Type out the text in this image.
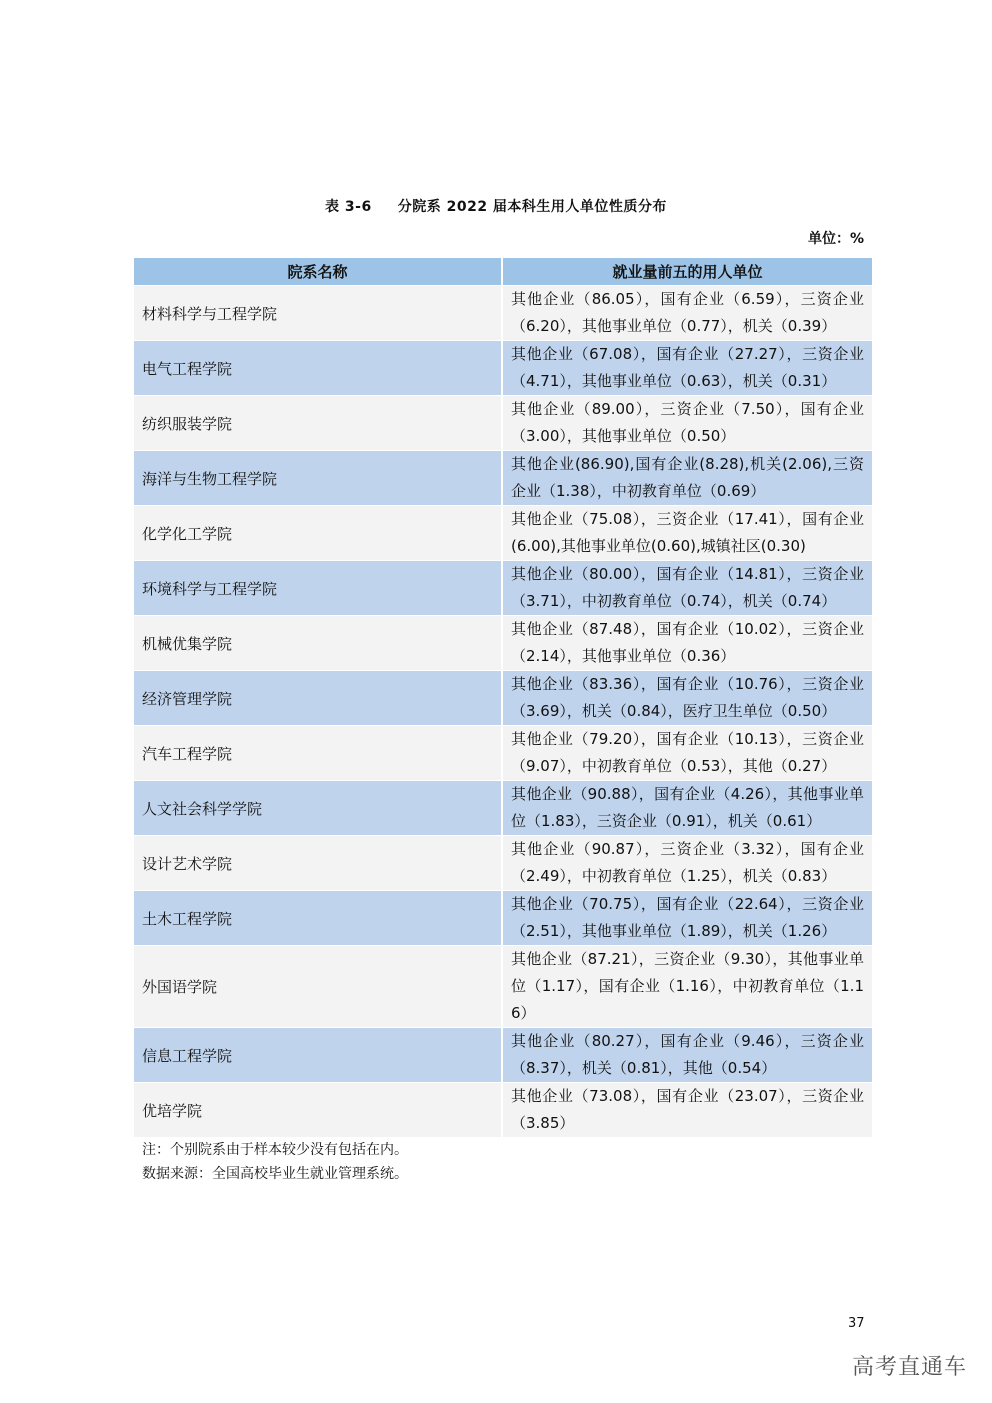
表 3-6 分院系 2022 届本科生用人单位性质分布
单位：%
院系名称	就业量前五的用人单位
材料科学与工程学院	其他企业（86.05），国有企业（6.59），三资企业（6.20），其他事业单位（0.77），机关（0.39）
电气工程学院	其他企业（67.08），国有企业（27.27），三资企业（4.71），其他事业单位（0.63），机关（0.31）
纺织服装学院	其他企业（89.00），三资企业（7.50），国有企业（3.00），其他事业单位（0.50）
海洋与生物工程学院	其他企业(86.90),国有企业(8.28),机关(2.06),三资企业（1.38），中初教育单位（0.69）
化学化工学院	其他企业（75.08），三资企业（17.41），国有企业(6.00),其他事业单位(0.60),城镇社区(0.30)
环境科学与工程学院	其他企业（80.00），国有企业（14.81），三资企业（3.71），中初教育单位（0.74），机关（0.74）
机械优集学院	其他企业（87.48），国有企业（10.02），三资企业（2.14），其他事业单位（0.36）
经济管理学院	其他企业（83.36），国有企业（10.76），三资企业（3.69），机关（0.84），医疗卫生单位（0.50）
汽车工程学院	其他企业（79.20），国有企业（10.13），三资企业（9.07），中初教育单位（0.53），其他（0.27）
人文社会科学学院	其他企业（90.88），国有企业（4.26），其他事业单位（1.83），三资企业（0.91），机关（0.61）
设计艺术学院	其他企业（90.87），三资企业（3.32），国有企业（2.49），中初教育单位（1.25），机关（0.83）
土木工程学院	其他企业（70.75），国有企业（22.64），三资企业（2.51），其他事业单位（1.89），机关（1.26）
外国语学院	其他企业（87.21），三资企业（9.30），其他事业单位（1.17），国有企业（1.16），中初教育单位（1.16）
信息工程学院	其他企业（80.27），国有企业（9.46），三资企业（8.37），机关（0.81），其他（0.54）
优培学院	其他企业（73.08），国有企业（23.07），三资企业（3.85）
注：个别院系由于样本较少没有包括在内。
数据来源：全国高校毕业生就业管理系统。
37
高考直通车
